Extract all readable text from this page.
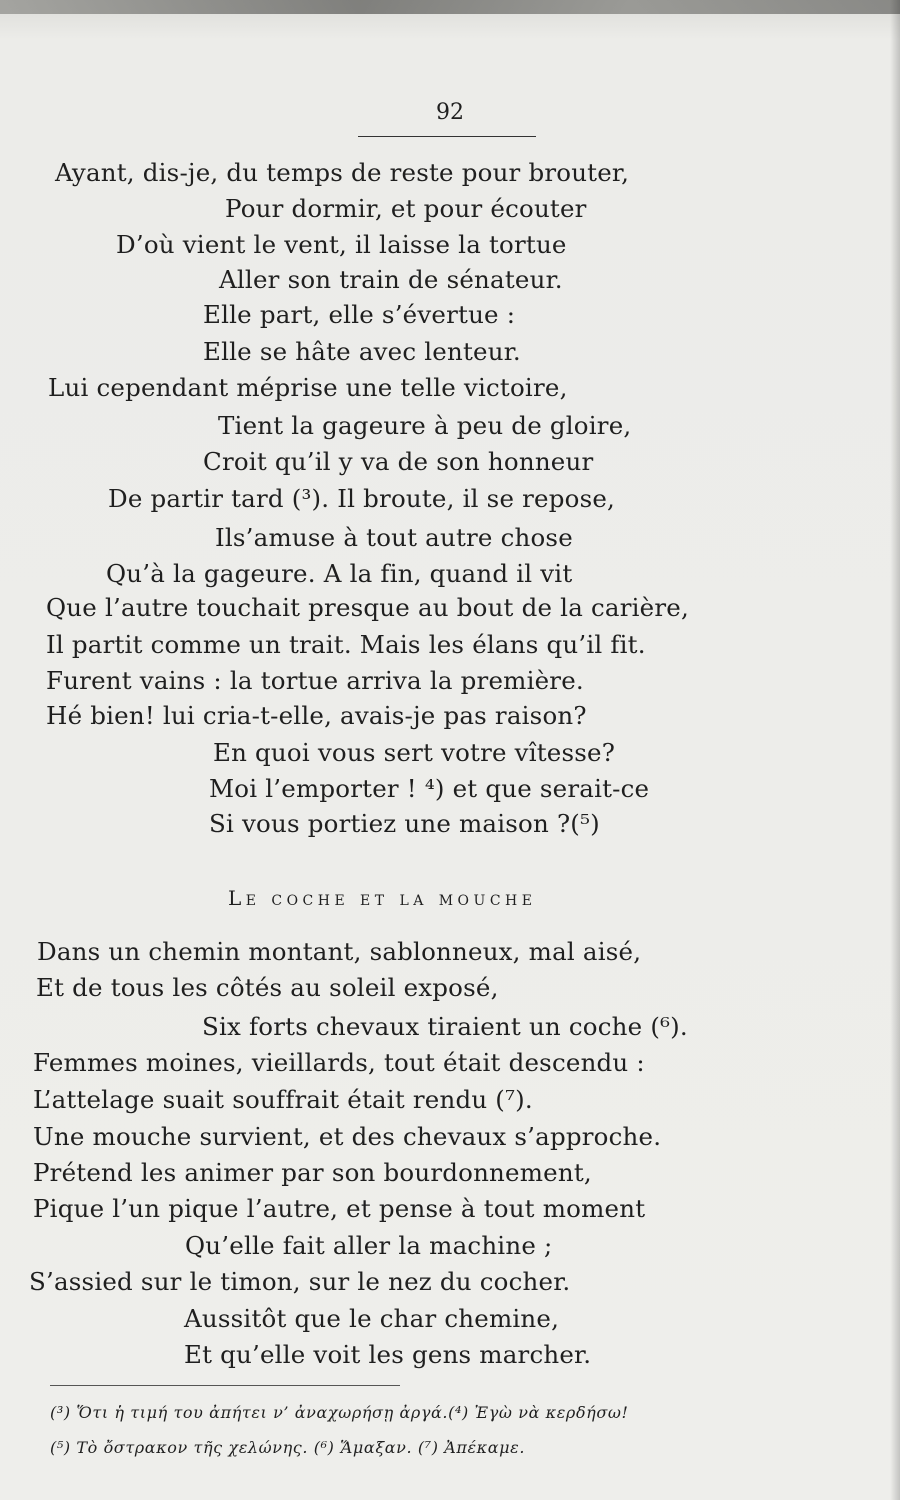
92
Ayant, dis-je, du temps de reste pour brouter,
Pour dormir, et pour écouter
D’où vient le vent, il laisse la tortue
Aller son train de sénateur.
Elle part, elle s’évertue :
Elle se hâte avec lenteur.
Lui cependant méprise une telle victoire,
Tient la gageure à peu de gloire,
Croit qu’il y va de son honneur
De partir tard (³). Il broute, il se repose,
Ils’amuse à tout autre chose
Qu’à la gageure. A la fin, quand il vit
Que l’autre touchait presque au bout de la carière,
Il partit comme un trait. Mais les élans qu’il fit.
Furent vains : la tortue arriva la première.
Hé bien! lui cria-t-elle, avais-je pas raison?
En quoi vous sert votre vîtesse?
Moi l’emporter ! ⁴) et que serait-ce
Si vous portiez une maison ?(⁵)
Le coche et la mouche
Dans un chemin montant, sablonneux, mal aisé,
Et de tous les côtés au soleil exposé,
Six forts chevaux tiraient un coche (⁶).
Femmes moines, vieillards, tout était descendu :
L’attelage suait souffrait était rendu (⁷).
Une mouche survient, et des chevaux s’approche.
Prétend les animer par son bourdonnement,
Pique l’un pique l’autre, et pense à tout moment
Qu’elle fait aller la machine ;
S’assied sur le timon, sur le nez du cocher.
Aussitôt que le char chemine,
Et qu’elle voit les gens marcher.
(³) Ὅτι ἡ τιμή του ἀπήτει ν’ ἀναχωρήσῃ ἀργά.(⁴) Ἐγὼ νὰ κερδήσω!
(⁵) Τὸ ὄστρακον τῆς χελώνης. (⁶) Ἅμαξαν. (⁷) Ἀπέκαμε.
